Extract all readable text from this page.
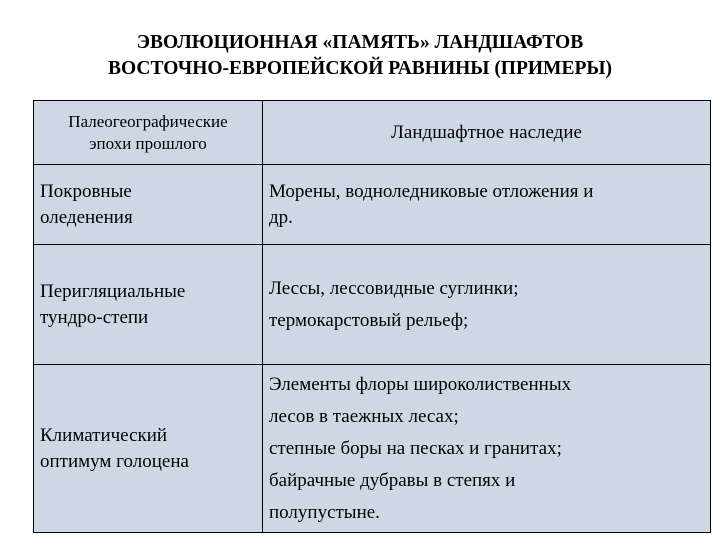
ЭВОЛЮЦИОННАЯ «ПАМЯТЬ» ЛАНДШАФТОВ
ВОСТОЧНО-ЕВРОПЕЙСКОЙ РАВНИНЫ (ПРИМЕРЫ)
Палеогеографические
эпохи прошлого	Ландшафтное наследие

Покровные
оледенения	Морены, водноледниковые отложения и
др.

Перигляциальные
тундро-степи	Лессы, лессовидные суглинки;
термокарстовый рельеф;

Климатический
оптимум голоцена	Элементы флоры широколиственных
лесов в таежных лесах;
степные боры на песках и гранитах;
байрачные дубравы в степях и
полупустыне.
